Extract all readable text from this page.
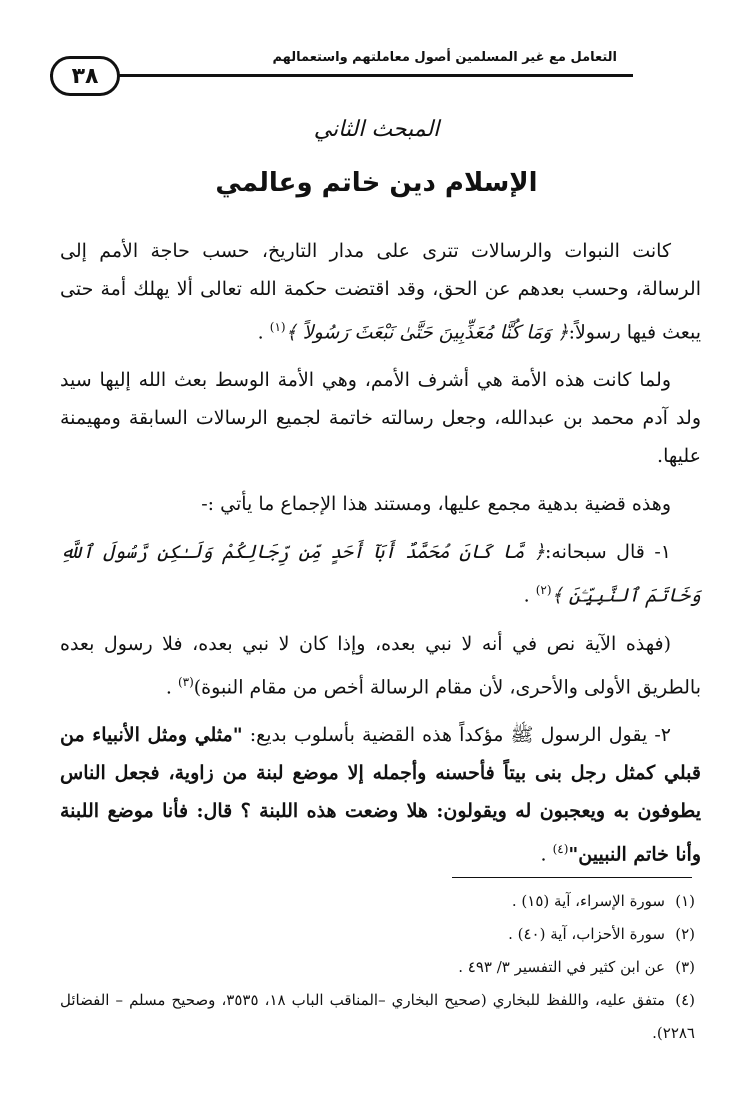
التعامل مع غير المسلمين أصول معاملتهم واستعمالهم
٣٨
المبحث الثاني
الإسلام دين خاتم وعالمي

كانت النبوات والرسالات تترى على مدار التاريخ، حسب حاجة الأمم إلى الرسالة، وحسب بعدهم عن الحق، وقد اقتضت حكمة الله تعالى ألا يهلك أمة حتى يبعث فيها رسولاً:﴿ وَمَا كُنَّا مُعَذِّبِينَ حَتَّىٰ نَبْعَثَ رَسُولاً ﴾$^{(١)}$ .

ولما كانت هذه الأمة هي أشرف الأمم، وهي الأمة الوسط بعث الله إليها سيد ولد آدم محمد بن عبدالله، وجعل رسالته خاتمة لجميع الرسالات السابقة ومهيمنة عليها.

وهذه قضية بدهية مجمع عليها، ومستند هذا الإجماع ما يأتي :-

١- قال سبحانه:﴿ مَّا كَانَ مُحَمَّدٌ أَبَآ أَحَدٍ مِّن رِّجَالِكُمْ وَلَـٰكِن رَّسُولَ ٱللَّهِ وَخَاتَمَ ٱلنَّبِيِّـۧنَ ﴾$^{(٢)}$ .

(فهذه الآية نص في أنه لا نبي بعده، وإذا كان لا نبي بعده، فلا رسول بعده بالطريق الأولى والأحرى، لأن مقام الرسالة أخص من مقام النبوة)$^{(٣)}$ .

٢- يقول الرسول ﷺ مؤكداً هذه القضية بأسلوب بديع: "مثلي ومثل الأنبياء من قبلي كمثل رجل بنى بيتاً فأحسنه وأجمله إلا موضع لبنة من زاوية، فجعل الناس يطوفون به ويعجبون له ويقولون: هلا وضعت هذه اللبنة ؟ قال: فأنا موضع اللبنة وأنا خاتم النبيين"$^{(٤)}$ .

(١)سورة الإسراء، آية (١٥) .
(٢)سورة الأحزاب، آية (٤٠) .
(٣)عن ابن كثير في التفسير ٣/ ٤٩٣ .
(٤)متفق عليه، واللفظ للبخاري (صحيح البخاري –المناقب الباب ١٨، ٣٥٣٥، وصحيح مسلم – الفضائل ٢٢٨٦).
